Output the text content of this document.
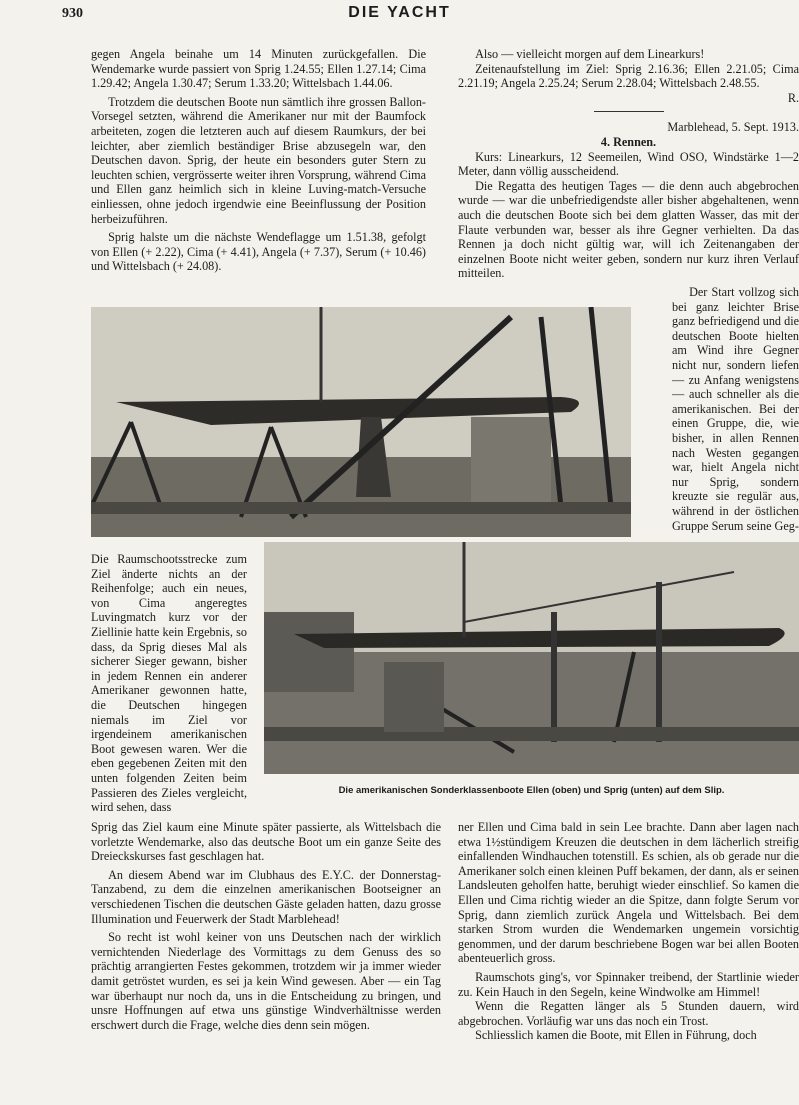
930	DIE YACHT

gegen Angela beinahe um 14 Minuten zurückgefallen. Die Wendemarke wurde passiert von Sprig 1.24.55; Ellen 1.27.14; Cima 1.29.42; Angela 1.30.47; Serum 1.33.20; Wittelsbach 1.44.06.

Trotzdem die deutschen Boote nun sämtlich ihre grossen Ballon-Vorsegel setzten, während die Amerikaner nur mit der Baumfock arbeiteten, zogen die letzteren auch auf diesem Raumkurs, der bei leichter, aber ziemlich beständiger Brise abzusegeln war, den Deutschen davon. Sprig, der heute ein besonders guter Stern zu leuchten schien, vergrösserte weiter ihren Vorsprung, während Cima und Ellen ganz heimlich sich in kleine Luving-match-Versuche einliessen, ohne jedoch irgendwie eine Beeinflussung der Position herbeizuführen.

Sprig halste um die nächste Wendeflagge um 1.51.38, gefolgt von Ellen (+ 2.22), Cima (+ 4.41), Angela (+ 7.37), Serum (+ 10.46) und Wittelsbach (+ 24.08).

Also — vielleicht morgen auf dem Linearkurs!

Zeitenaufstellung im Ziel: Sprig 2.16.36; Ellen 2.21.05; Cima 2.21.19; Angela 2.25.24; Serum 2.28.04; Wittelsbach 2.48.55.

R.

Marblehead, 5. Sept. 1913.

4. Rennen.

Kurs: Linearkurs, 12 Seemeilen, Wind OSO, Windstärke 1—2 Meter, dann völlig ausscheidend.

Die Regatta des heutigen Tages — die denn auch abgebrochen wurde — war die unbefriedigendste aller bisher abgehaltenen, wenn auch die deutschen Boote sich bei dem glatten Wasser, das mit der Flaute verbunden war, besser als ihre Gegner verhielten. Da das Rennen ja doch nicht gültig war, will ich Zeitenangaben der einzelnen Boote nicht weiter geben, sondern nur kurz ihren Verlauf mitteilen.

Der Start vollzog sich bei ganz leichter Brise ganz befriedigend und die deutschen Boote hielten am Wind ihre Gegner nicht nur, sondern liefen — zu Anfang wenigstens — auch schneller als die amerikanischen. Bei der einen Gruppe, die, wie bisher, in allen Rennen nach Westen gegangen war, hielt Angela nicht nur Sprig, sondern kreuzte sie regulär aus, während in der östlichen Gruppe Serum seine Geg-

Die Raumschootsstrecke zum Ziel änderte nichts an der Reihenfolge; auch ein neues, von Cima angeregtes Luvingmatch kurz vor der Ziellinie hatte kein Ergebnis, so dass, da Sprig dieses Mal als sicherer Sieger gewann, bisher in jedem Rennen ein anderer Amerikaner gewonnen hatte, die Deutschen hingegen niemals im Ziel vor irgendeinem amerikanischen Boot gewesen waren. Wer die eben gegebenen Zeiten mit den unten folgenden Zeiten beim Passieren des Zieles vergleicht, wird sehen, dass

Die amerikanischen Sonderklassenboote Ellen (oben) und Sprig (unten) auf dem Slip.

Sprig das Ziel kaum eine Minute später passierte, als Wittelsbach die vorletzte Wendemarke, also das deutsche Boot um ein ganze Seite des Dreieckskurses fast geschlagen hat.

An diesem Abend war im Clubhaus des E.Y.C. der Donnerstag-Tanzabend, zu dem die einzelnen amerikanischen Bootseigner an verschiedenen Tischen die deutschen Gäste geladen hatten, dazu grosse Illumination und Feuerwerk der Stadt Marblehead!

So recht ist wohl keiner von uns Deutschen nach der wirklich vernichtenden Niederlage des Vormittags zu dem Genuss des so prächtig arrangierten Festes gekommen, trotzdem wir ja immer wieder damit getröstet wurden, es sei ja kein Wind gewesen. Aber — ein Tag war überhaupt nur noch da, uns in die Entscheidung zu bringen, und unsre Hoffnungen auf etwa uns günstige Windverhältnisse werden erschwert durch die Frage, welche dies denn sein mögen.

ner Ellen und Cima bald in sein Lee brachte. Dann aber lagen nach etwa 1½stündigem Kreuzen die deutschen in dem lächerlich streifig einfallenden Windhauchen totenstill. Es schien, als ob gerade nur die Amerikaner solch einen kleinen Puff bekamen, der dann, als er seinen Landsleuten geholfen hatte, beruhigt wieder einschlief. So kamen die Ellen und Cima richtig wieder an die Spitze, dann folgte Serum vor Sprig, dann ziemlich zurück Angela und Wittelsbach. Bei dem starken Strom wurden die Wendemarken ungemein vorsichtig genommen, und der darum beschriebene Bogen war bei allen Booten abenteuerlich gross.

Raumschots ging's, vor Spinnaker treibend, der Startlinie wieder zu. Kein Hauch in den Segeln, keine Windwolke am Himmel!

Wenn die Regatten länger als 5 Stunden dauern, wird abgebrochen. Vorläufig war uns das noch ein Trost.

Schliesslich kamen die Boote, mit Ellen in Führung, doch
